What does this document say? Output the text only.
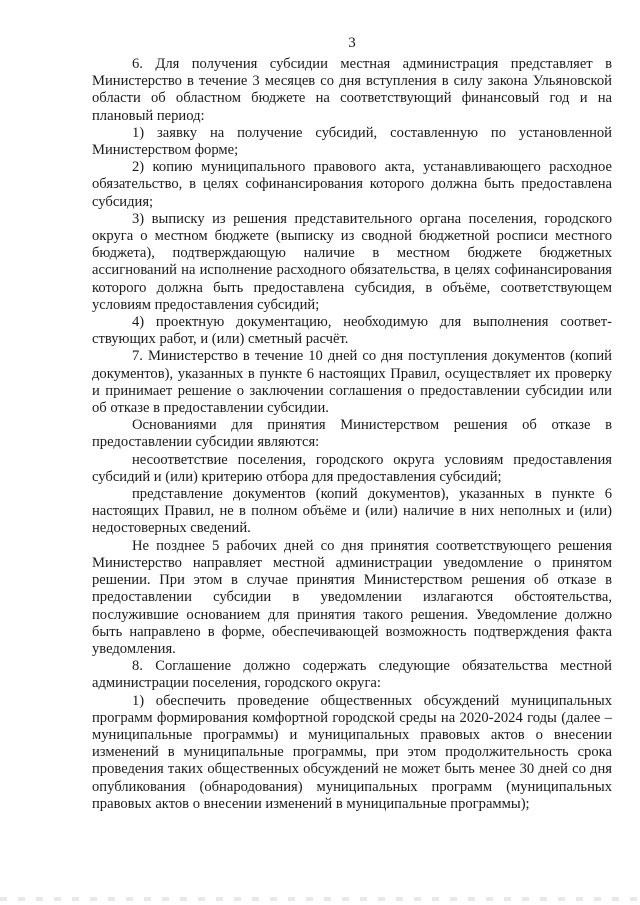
3

6. Для получения субсидии местная администрация представляет в Министерство в течение 3 месяцев со дня вступления в силу закона Ульяновской области об областном бюджете на соответствующий финансовый год и на плановый период:

1) заявку на получение субсидий, составленную по установленной Министерством форме;

2) копию муниципального правового акта, устанавливающего расходное обязательство, в целях софинансирования которого должна быть предоставлена субсидия;

3) выписку из решения представительного органа поселения, городского округа о местном бюджете (выписку из сводной бюджетной росписи местного бюджета), подтверждающую наличие в местном бюджете бюджетных ассигнований на исполнение расходного обязательства, в целях софинансирования которого должна быть предоставлена субсидия, в объёме, соответствующем условиям предоставления субсидий;

4) проектную документацию, необходимую для выполнения соответствующих работ, и (или) сметный расчёт.

7. Министерство в течение 10 дней со дня поступления документов (копий документов), указанных в пункте 6 настоящих Правил, осуществляет их проверку и принимает решение о заключении соглашения о предоставлении субсидии или об отказе в предоставлении субсидии.

Основаниями для принятия Министерством решения об отказе в предоставлении субсидии являются:

несоответствие поселения, городского округа условиям предоставления субсидий и (или) критерию отбора для предоставления субсидий;

представление документов (копий документов), указанных в пункте 6 настоящих Правил, не в полном объёме и (или) наличие в них неполных и (или) недостоверных сведений.

Не позднее 5 рабочих дней со дня принятия соответствующего решения Министерство направляет местной администрации уведомление о принятом решении. При этом в случае принятия Министерством решения об отказе в предоставлении субсидии в уведомлении излагаются обстоятельства, послужившие основанием для принятия такого решения. Уведомление должно быть направлено в форме, обеспечивающей возможность подтверждения факта уведомления.

8. Соглашение должно содержать следующие обязательства местной администрации поселения, городского округа:

1) обеспечить проведение общественных обсуждений муниципальных программ формирования комфортной городской среды на 2020-2024 годы (далее – муниципальные программы) и муниципальных правовых актов о внесении изменений в муниципальные программы, при этом продолжительность срока проведения таких общественных обсуждений не может быть менее 30 дней со дня опубликования (обнародования) муниципальных программ (муниципальных правовых актов о внесении изменений в муниципальные программы);
